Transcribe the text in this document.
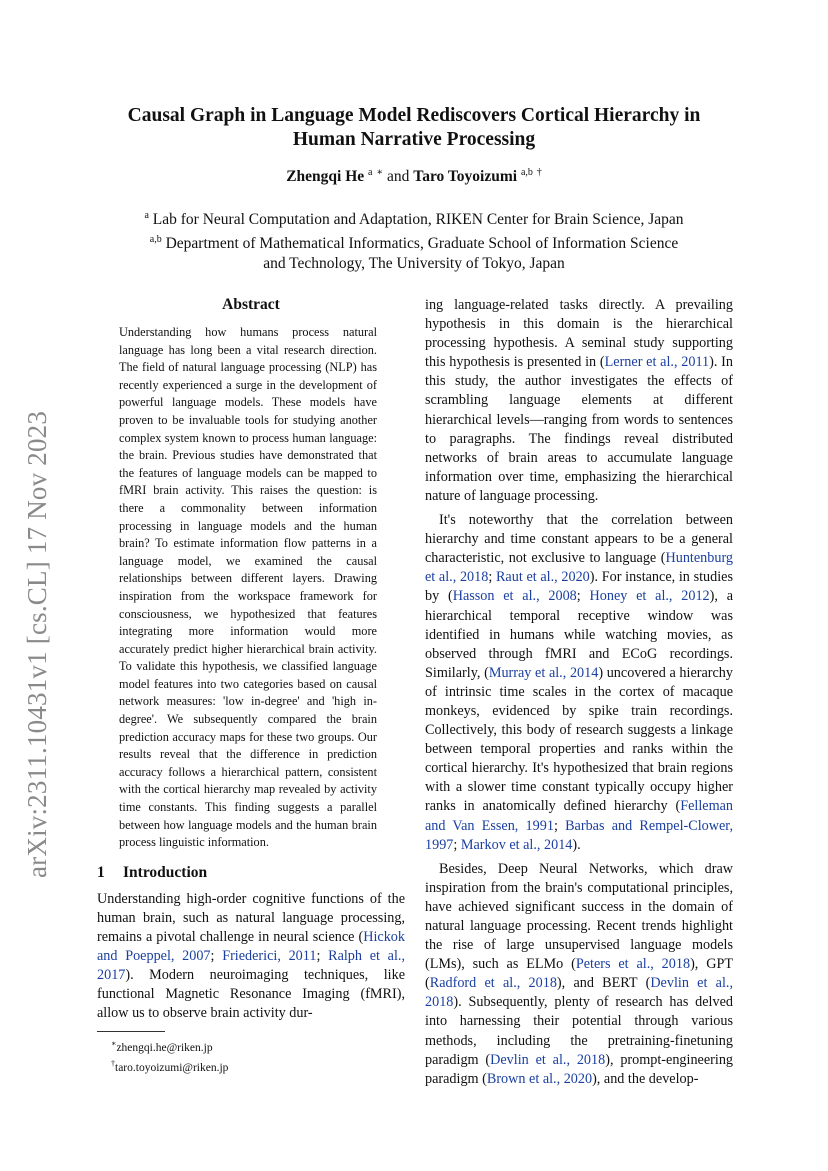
arXiv:2311.10431v1 [cs.CL] 17 Nov 2023
Causal Graph in Language Model Rediscovers Cortical Hierarchy in
Human Narrative Processing
Zhengqi He $^a$ ∗ and Taro Toyoizumi $^{a,b}$ †
$^a$ Lab for Neural Computation and Adaptation, RIKEN Center for Brain Science, Japan
$^{a,b}$ Department of Mathematical Informatics, Graduate School of Information Science
and Technology, The University of Tokyo, Japan
Abstract
Understanding how humans process natural language has long been a vital research direction. The field of natural language processing (NLP) has recently experienced a surge in the development of powerful language models. These models have proven to be invaluable tools for studying another complex system known to process human language: the brain. Previous studies have demonstrated that the features of language models can be mapped to fMRI brain activity. This raises the question: is there a commonality between information processing in language models and the human brain? To estimate information flow patterns in a language model, we examined the causal relationships between different layers. Drawing inspiration from the workspace framework for consciousness, we hypothesized that features integrating more information would more accurately predict higher hierarchical brain activity. To validate this hypothesis, we classified language model features into two categories based on causal network measures: 'low in-degree' and 'high in-degree'. We subsequently compared the brain prediction accuracy maps for these two groups. Our results reveal that the difference in prediction accuracy follows a hierarchical pattern, consistent with the cortical hierarchy map revealed by activity time constants. This finding suggests a parallel between how language models and the human brain process linguistic information.
1 Introduction

Understanding high-order cognitive functions of the human brain, such as natural language processing, remains a pivotal challenge in neural science (Hickok and Poeppel, 2007; Friederici, 2011; Ralph et al., 2017). Modern neuroimaging techniques, like functional Magnetic Resonance Imaging (fMRI), allow us to observe brain activity dur-

∗zhengqi.he@riken.jp
†taro.toyoizumi@riken.jp

ing language-related tasks directly. A prevailing hypothesis in this domain is the hierarchical processing hypothesis. A seminal study supporting this hypothesis is presented in (Lerner et al., 2011). In this study, the author investigates the effects of scrambling language elements at different hierarchical levels—ranging from words to sentences to paragraphs. The findings reveal distributed networks of brain areas to accumulate language information over time, emphasizing the hierarchical nature of language processing.

It's noteworthy that the correlation between hierarchy and time constant appears to be a general characteristic, not exclusive to language (Huntenburg et al., 2018; Raut et al., 2020). For instance, in studies by (Hasson et al., 2008; Honey et al., 2012), a hierarchical temporal receptive window was identified in humans while watching movies, as observed through fMRI and ECoG recordings. Similarly, (Murray et al., 2014) uncovered a hierarchy of intrinsic time scales in the cortex of macaque monkeys, evidenced by spike train recordings. Collectively, this body of research suggests a linkage between temporal properties and ranks within the cortical hierarchy. It's hypothesized that brain regions with a slower time constant typically occupy higher ranks in anatomically defined hierarchy (Felleman and Van Essen, 1991; Barbas and Rempel-Clower, 1997; Markov et al., 2014).

Besides, Deep Neural Networks, which draw inspiration from the brain's computational principles, have achieved significant success in the domain of natural language processing. Recent trends highlight the rise of large unsupervised language models (LMs), such as ELMo (Peters et al., 2018), GPT (Radford et al., 2018), and BERT (Devlin et al., 2018). Subsequently, plenty of research has delved into harnessing their potential through various methods, including the pretraining-finetuning paradigm (Devlin et al., 2018), prompt-engineering paradigm (Brown et al., 2020), and the develop-
